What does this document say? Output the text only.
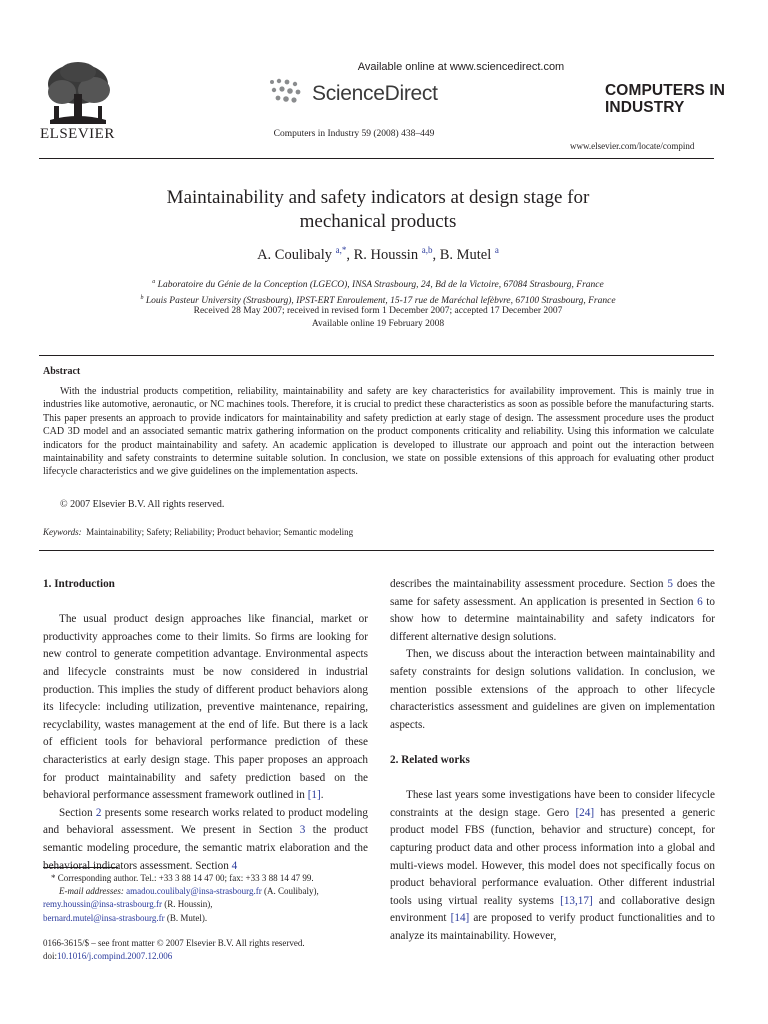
ELSEVIER
Available online at www.sciencedirect.com
ScienceDirect
Computers in Industry 59 (2008) 438–449
COMPUTERS IN
INDUSTRY
www.elsevier.com/locate/compind
Maintainability and safety indicators at design stage for
mechanical products
A. Coulibaly $^{a,*}$, R. Houssin $^{a,b}$, B. Mutel $^a$
$^a$ Laboratoire du Génie de la Conception (LGECO), INSA Strasbourg, 24, Bd de la Victoire, 67084 Strasbourg, France
$^b$ Louis Pasteur University (Strasbourg), IPST-ERT Enroulement, 15-17 rue de Maréchal lefèbvre, 67100 Strasbourg, France
Received 28 May 2007; received in revised form 1 December 2007; accepted 17 December 2007
Available online 19 February 2008
Abstract
With the industrial products competition, reliability, maintainability and safety are key characteristics for availability improvement. This is mainly true in industries like automotive, aeronautic, or NC machines tools. Therefore, it is crucial to predict these characteristics as soon as possible before the manufacturing starts. This paper presents an approach to provide indicators for maintainability and safety prediction at early stage of design. The assessment procedure uses the product CAD 3D model and an associated semantic matrix gathering information on the product components criticality and reliability. Using this information we calculate indicators for the product maintainability and safety. An academic application is developed to illustrate our approach and point out the interaction between maintainability and safety constraints to determine suitable solution. In conclusion, we state on possible extensions of this approach for evaluating other product lifecycle characteristics and we give guidelines on the implementation aspects.
© 2007 Elsevier B.V. All rights reserved.
Keywords: Maintainability; Safety; Reliability; Product behavior; Semantic modeling
1. Introduction

The usual product design approaches like financial, market or productivity approaches come to their limits. So firms are looking for new control to generate competition advantage. Environmental aspects and lifecycle constraints must be now considered in industrial production. This implies the study of different product behaviors along its lifecycle: including utilization, preventive maintenance, repairing, recyclability, wastes management at the end of life. But there is a lack of efficient tools for behavioral performance prediction of these characteristics at early design stage. This paper proposes an approach for product maintainability and safety prediction based on the behavioral performance assessment framework outlined in [1].

Section 2 presents some research works related to product modeling and behavioral assessment. We present in Section 3 the product semantic modeling procedure, the semantic matrix elaboration and the behavioral indicators assessment. Section 4

* Corresponding author. Tel.: +33 3 88 14 47 00; fax: +33 3 88 14 47 99.
E-mail addresses: amadou.coulibaly@insa-strasbourg.fr (A. Coulibaly),
remy.houssin@insa-strasbourg.fr (R. Houssin),
bernard.mutel@insa-strasbourg.fr (B. Mutel).
0166-3615/$ – see front matter © 2007 Elsevier B.V. All rights reserved.
doi:10.1016/j.compind.2007.12.006

describes the maintainability assessment procedure. Section 5 does the same for safety assessment. An application is presented in Section 6 to show how to determine maintainability and safety indicators for different alternative design solutions.

Then, we discuss about the interaction between maintainability and safety constraints for design solutions validation. In conclusion, we mention possible extensions of the approach to other lifecycle characteristics assessment and guidelines are given on implementation aspects.

2. Related works

These last years some investigations have been to consider lifecycle constraints at the design stage. Gero [24] has presented a generic product model FBS (function, behavior and structure) concept, for capturing product data and other process information into a global and multi-views model. However, this model does not specifically focus on product behavioral performance evaluation. Other different industrial tools using virtual reality systems [13,17] and collaborative design environment [14] are proposed to verify product functionalities and to analyze its maintainability. However,
